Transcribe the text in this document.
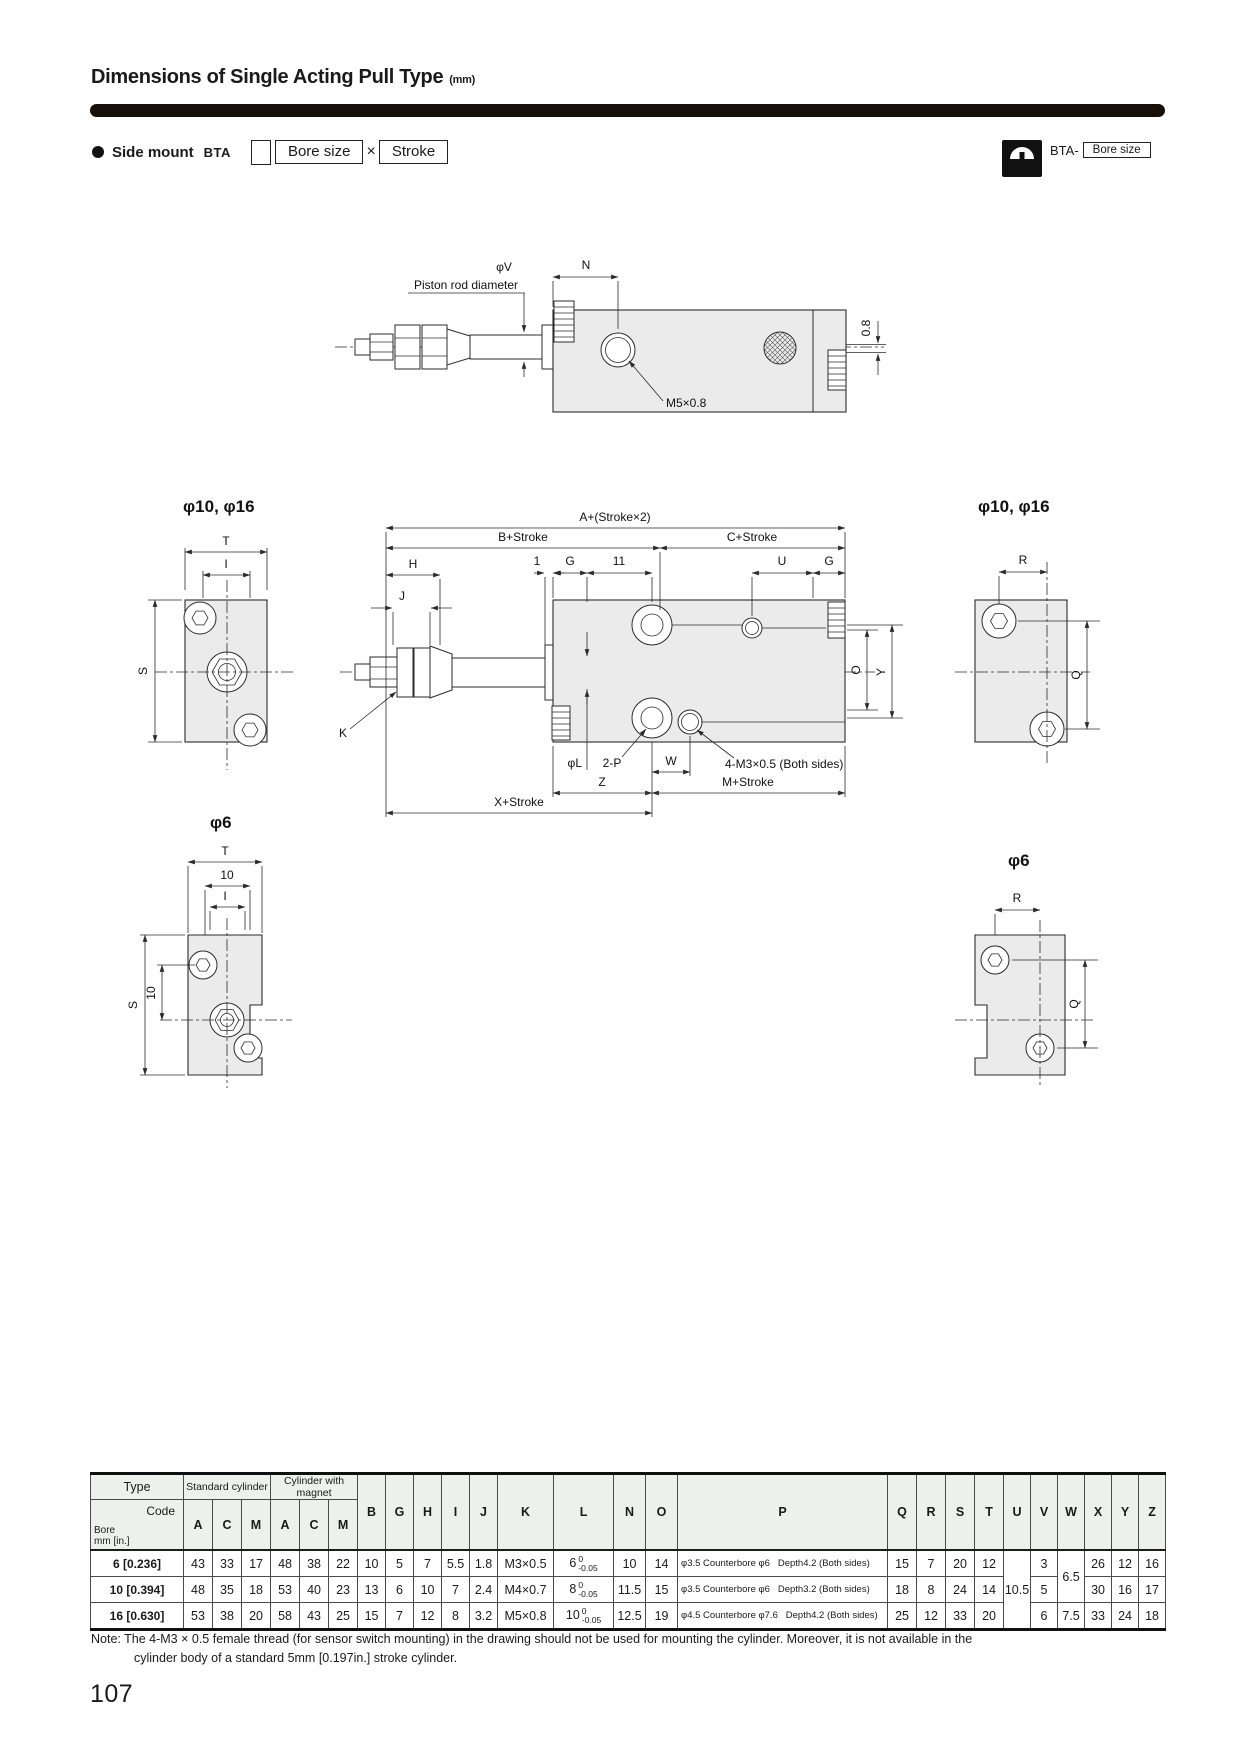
Dimensions of Single Acting Pull Type (mm)
Side mount BTA	Bore size	×	Stroke
CAD
BTA-	Bore size
φV
Piston rod diameter
N
M5×0.8
0.8
φ10, φ16
T
I
S
A+(Stroke×2)
B+Stroke	C+Stroke
H	1 G	11	U	G
J
K
φL 2-P	W	4-M3×0.5 (Both sides)
Z	M+Stroke
X+Stroke
O Y
φ10, φ16
R
Q
φ6
T
10
I
S
10
φ6
R
Q
Type	Standard cylinder			Cylinder with magnet			B	G	H	I	J	K	L	N	O	P	Q	R	S	T	U	V	W	X	Y	Z

Code
Bore
mm [in.]	A	C	M	A	C	M																				
6 [0.236]	43	33	17	48	38	22	10	5	7	5.5	1.8	M3×0.5	6 0
-0.05	10	14	φ3.5 Counterbore φ6   Depth4.2 (Both sides)	15	7	20	12	10.5	3	6.5	26	12	16
10 [0.394]	48	35	18	53	40	23	13	6	10	7	2.4	M4×0.7	8 0
-0.05	11.5	15	φ3.5 Counterbore φ6   Depth3.2 (Both sides)	18	8	24	14		5		30	16	17
16 [0.630]	53	38	20	58	43	25	15	7	12	8	3.2	M5×0.8	10 0
-0.05	12.5	19	φ4.5 Counterbore φ7.6   Depth4.2 (Both sides)	25	12	33	20		6	7.5	33	24	18
Note: The 4-M3 × 0.5 female thread (for sensor switch mounting) in the drawing should not be used for mounting the cylinder. Moreover, it is not available in the
cylinder body of a standard 5mm [0.197in.] stroke cylinder.
107
